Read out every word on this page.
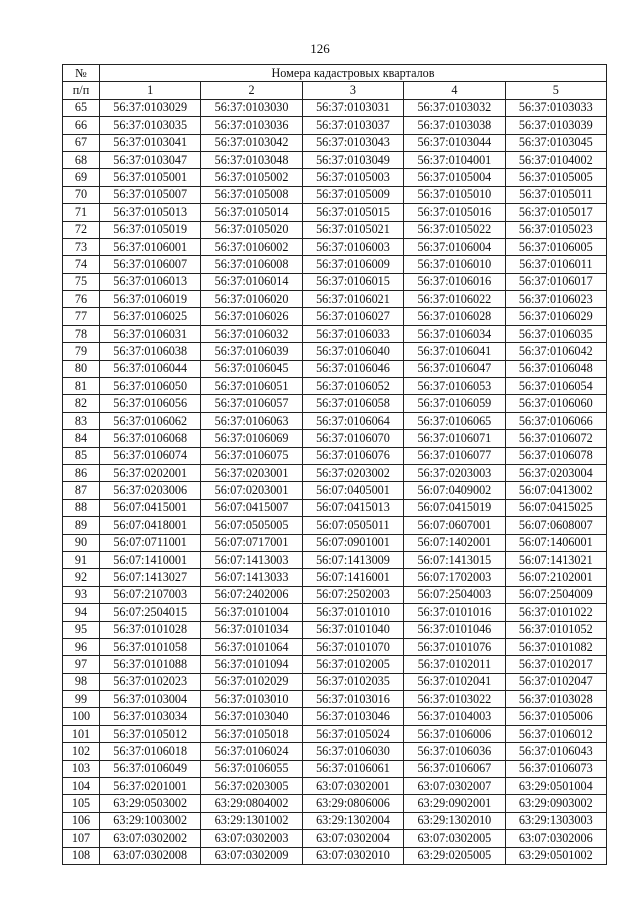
126
№	Номера кадастровых кварталов				
п/п	1	2	3	4	5
65	56:37:0103029	56:37:0103030	56:37:0103031	56:37:0103032	56:37:0103033
66	56:37:0103035	56:37:0103036	56:37:0103037	56:37:0103038	56:37:0103039
67	56:37:0103041	56:37:0103042	56:37:0103043	56:37:0103044	56:37:0103045
68	56:37:0103047	56:37:0103048	56:37:0103049	56:37:0104001	56:37:0104002
69	56:37:0105001	56:37:0105002	56:37:0105003	56:37:0105004	56:37:0105005
70	56:37:0105007	56:37:0105008	56:37:0105009	56:37:0105010	56:37:0105011
71	56:37:0105013	56:37:0105014	56:37:0105015	56:37:0105016	56:37:0105017
72	56:37:0105019	56:37:0105020	56:37:0105021	56:37:0105022	56:37:0105023
73	56:37:0106001	56:37:0106002	56:37:0106003	56:37:0106004	56:37:0106005
74	56:37:0106007	56:37:0106008	56:37:0106009	56:37:0106010	56:37:0106011
75	56:37:0106013	56:37:0106014	56:37:0106015	56:37:0106016	56:37:0106017
76	56:37:0106019	56:37:0106020	56:37:0106021	56:37:0106022	56:37:0106023
77	56:37:0106025	56:37:0106026	56:37:0106027	56:37:0106028	56:37:0106029
78	56:37:0106031	56:37:0106032	56:37:0106033	56:37:0106034	56:37:0106035
79	56:37:0106038	56:37:0106039	56:37:0106040	56:37:0106041	56:37:0106042
80	56:37:0106044	56:37:0106045	56:37:0106046	56:37:0106047	56:37:0106048
81	56:37:0106050	56:37:0106051	56:37:0106052	56:37:0106053	56:37:0106054
82	56:37:0106056	56:37:0106057	56:37:0106058	56:37:0106059	56:37:0106060
83	56:37:0106062	56:37:0106063	56:37:0106064	56:37:0106065	56:37:0106066
84	56:37:0106068	56:37:0106069	56:37:0106070	56:37:0106071	56:37:0106072
85	56:37:0106074	56:37:0106075	56:37:0106076	56:37:0106077	56:37:0106078
86	56:37:0202001	56:37:0203001	56:37:0203002	56:37:0203003	56:37:0203004
87	56:37:0203006	56:07:0203001	56:07:0405001	56:07:0409002	56:07:0413002
88	56:07:0415001	56:07:0415007	56:07:0415013	56:07:0415019	56:07:0415025
89	56:07:0418001	56:07:0505005	56:07:0505011	56:07:0607001	56:07:0608007
90	56:07:0711001	56:07:0717001	56:07:0901001	56:07:1402001	56:07:1406001
91	56:07:1410001	56:07:1413003	56:07:1413009	56:07:1413015	56:07:1413021
92	56:07:1413027	56:07:1413033	56:07:1416001	56:07:1702003	56:07:2102001
93	56:07:2107003	56:07:2402006	56:07:2502003	56:07:2504003	56:07:2504009
94	56:07:2504015	56:37:0101004	56:37:0101010	56:37:0101016	56:37:0101022
95	56:37:0101028	56:37:0101034	56:37:0101040	56:37:0101046	56:37:0101052
96	56:37:0101058	56:37:0101064	56:37:0101070	56:37:0101076	56:37:0101082
97	56:37:0101088	56:37:0101094	56:37:0102005	56:37:0102011	56:37:0102017
98	56:37:0102023	56:37:0102029	56:37:0102035	56:37:0102041	56:37:0102047
99	56:37:0103004	56:37:0103010	56:37:0103016	56:37:0103022	56:37:0103028
100	56:37:0103034	56:37:0103040	56:37:0103046	56:37:0104003	56:37:0105006
101	56:37:0105012	56:37:0105018	56:37:0105024	56:37:0106006	56:37:0106012
102	56:37:0106018	56:37:0106024	56:37:0106030	56:37:0106036	56:37:0106043
103	56:37:0106049	56:37:0106055	56:37:0106061	56:37:0106067	56:37:0106073
104	56:37:0201001	56:37:0203005	63:07:0302001	63:07:0302007	63:29:0501004
105	63:29:0503002	63:29:0804002	63:29:0806006	63:29:0902001	63:29:0903002
106	63:29:1003002	63:29:1301002	63:29:1302004	63:29:1302010	63:29:1303003
107	63:07:0302002	63:07:0302003	63:07:0302004	63:07:0302005	63:07:0302006
108	63:07:0302008	63:07:0302009	63:07:0302010	63:29:0205005	63:29:0501002
